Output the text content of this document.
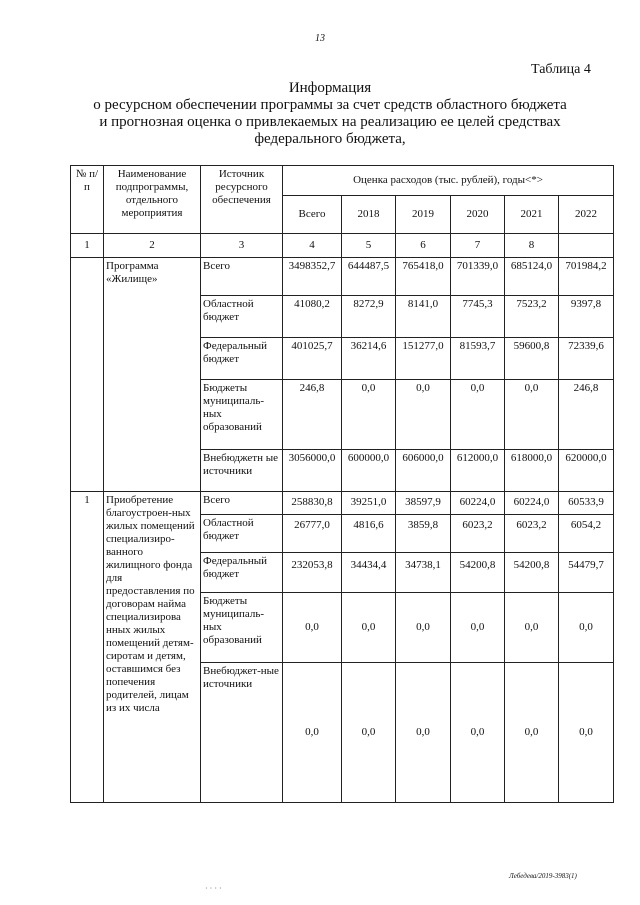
13
Таблица 4
Информация
о ресурсном обеспечении программы за счет средств областного бюджета
и прогнозная оценка о привлекаемых на реализацию ее целей средствах
федерального бюджета,
№ п/п	Наименование подпрограммы, отдельного мероприятия	Источник ресурсного обеспечения	Оценка расходов (тыс. рублей), годы<*>					
			Всего	2018	2019	2020	2021	2022
1	2	3	4	5	6	7	8	
	Программа «Жилище»	Всего	3498352,7	644487,5	765418,0	701339,0	685124,0	701984,2
		Областной бюджет	41080,2	8272,9	8141,0	7745,3	7523,2	9397,8
		Федеральный бюджет	401025,7	36214,6	151277,0	81593,7	59600,8	72339,6
		Бюджеты муниципаль-ных образований	246,8	0,0	0,0	0,0	0,0	246,8
		Внебюджетн ые источники	3056000,0	600000,0	606000,0	612000,0	618000,0	620000,0
1	Приобретение благоустроен-ных жилых помещений специализиро-ванного жилищного фонда для предоставления по договорам найма специализирова нных жилых помещений детям-сиротам и детям, оставшимся без попечения родителей, лицам из их числа	Всего	258830,8	39251,0	38597,9	60224,0	60224,0	60533,9
		Областной бюджет	26777,0	4816,6	3859,8	6023,2	6023,2	6054,2
		Федеральный бюджет	232053,8	34434,4	34738,1	54200,8	54200,8	54479,7
		Бюджеты муниципаль-ных образований	0,0	0,0	0,0	0,0	0,0	0,0
		Внебюджет-ные источники	0,0	0,0	0,0	0,0	0,0	0,0
Лебедева/2019-3983(1)
· · · ·
